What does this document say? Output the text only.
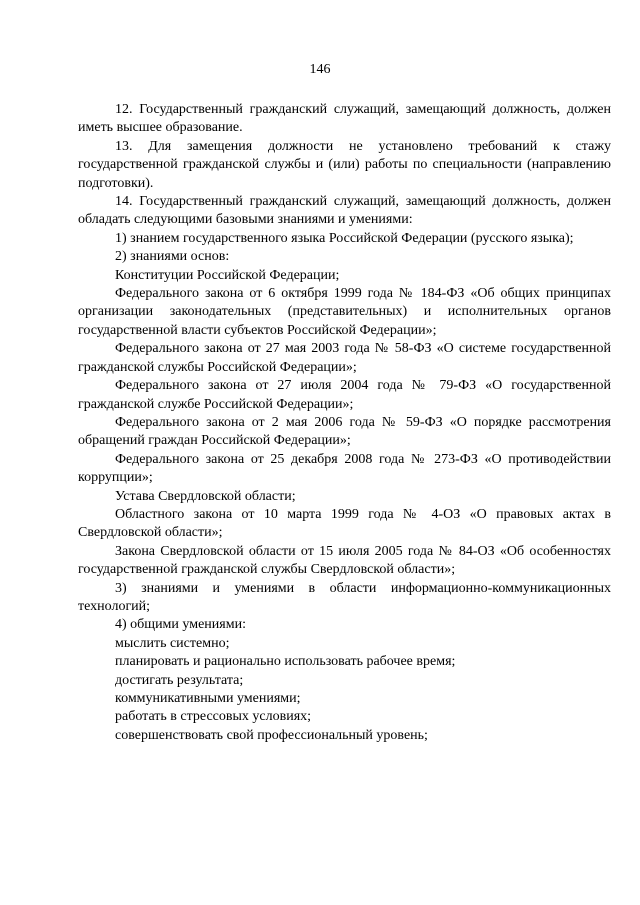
146

12. Государственный гражданский служащий, замещающий должность, должен иметь высшее образование.

13. Для замещения должности не установлено требований к стажу государственной гражданской службы и (или) работы по специальности (направлению подготовки).

14. Государственный гражданский служащий, замещающий должность, должен обладать следующими базовыми знаниями и умениями:

1) знанием государственного языка Российской Федерации (русского языка);

2) знаниями основ:

Конституции Российской Федерации;

Федерального закона от 6 октября 1999 года № 184-ФЗ «Об общих принципах организации законодательных (представительных) и исполнительных органов государственной власти субъектов Российской Федерации»;

Федерального закона от 27 мая 2003 года № 58-ФЗ «О системе государственной гражданской службы Российской Федерации»;

Федерального закона от 27 июля 2004 года № 79-ФЗ «О государственной гражданской службе Российской Федерации»;

Федерального закона от 2 мая 2006 года № 59-ФЗ «О порядке рассмотрения обращений граждан Российской Федерации»;

Федерального закона от 25 декабря 2008 года № 273-ФЗ «О противодействии коррупции»;

Устава Свердловской области;

Областного закона от 10 марта 1999 года № 4-ОЗ «О правовых актах в Свердловской области»;

Закона Свердловской области от 15 июля 2005 года № 84-ОЗ «Об особенностях государственной гражданской службы Свердловской области»;

3) знаниями и умениями в области информационно-коммуникационных технологий;

4) общими умениями:

мыслить системно;

планировать и рационально использовать рабочее время;

достигать результата;

коммуникативными умениями;

работать в стрессовых условиях;

совершенствовать свой профессиональный уровень;
